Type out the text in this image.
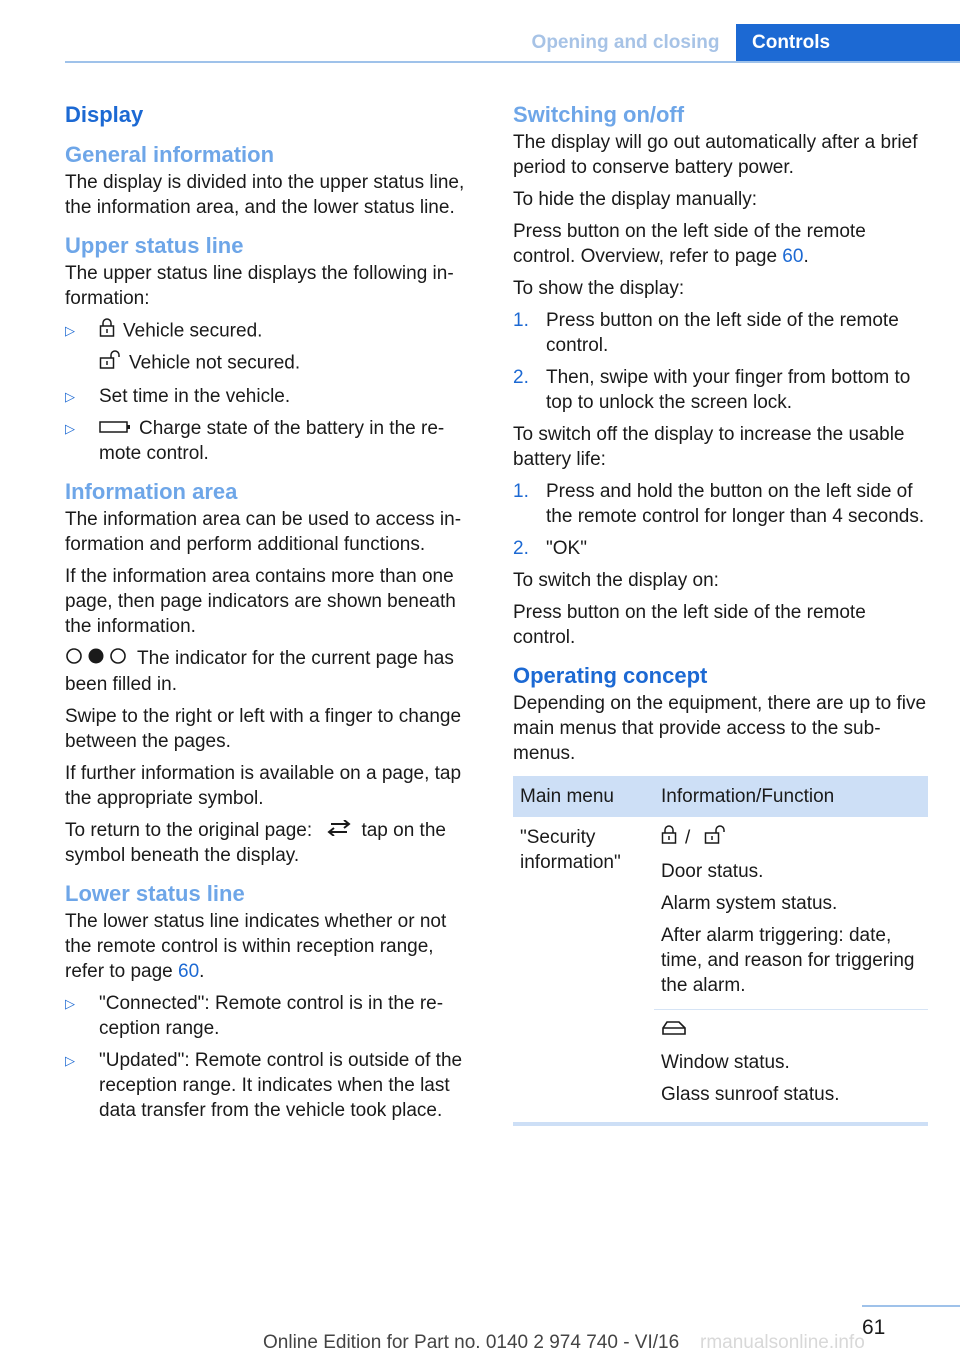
Opening and closing	Controls
Display
General information

The display is divided into the upper status line, the information area, and the lower status line.

Upper status line

The upper status line displays the following information:

▷	Vehicle secured.
Vehicle not secured.
▷ Set time in the vehicle.
▷	Charge state of the battery in the remote control.
Information area

The information area can be used to access information and perform additional functions.

If the information area contains more than one page, then page indicators are shown beneath the information.

The indicator for the current page has been filled in.

Swipe to the right or left with a finger to change between the pages.

If further information is available on a page, tap the appropriate symbol.

To return to the original page:	tap on the symbol beneath the display.

Lower status line

The lower status line indicates whether or not the remote control is within reception range, refer to page 60.

▷ "Connected": Remote control is in the reception range.
▷ "Updated": Remote control is outside of the reception range. It indicates when the last data transfer from the vehicle took place.
Switching on/off

The display will go out automatically after a brief period to conserve battery power.

To hide the display manually:

Press button on the left side of the remote control. Overview, refer to page 60.

To show the display:

1. Press button on the left side of the remote control.
2. Then, swipe with your finger from bottom to top to unlock the screen lock.

To switch off the display to increase the usable battery life:

1. Press and hold the button on the left side of the remote control for longer than 4 seconds.
2. "OK"

To switch the display on:

Press button on the left side of the remote control.

Operating concept

Depending on the equipment, there are up to five main menus that provide access to the sub-menus.

Main menu	Information/Function
"Security information"	/

Door status.

Alarm system status.

After alarm triggering: date, time, and reason for triggering the alarm.

	Window status.

Glass sunroof status.

61
Online Edition for Part no. 0140 2 974 740 - VI/16 rmanualsonline.info
